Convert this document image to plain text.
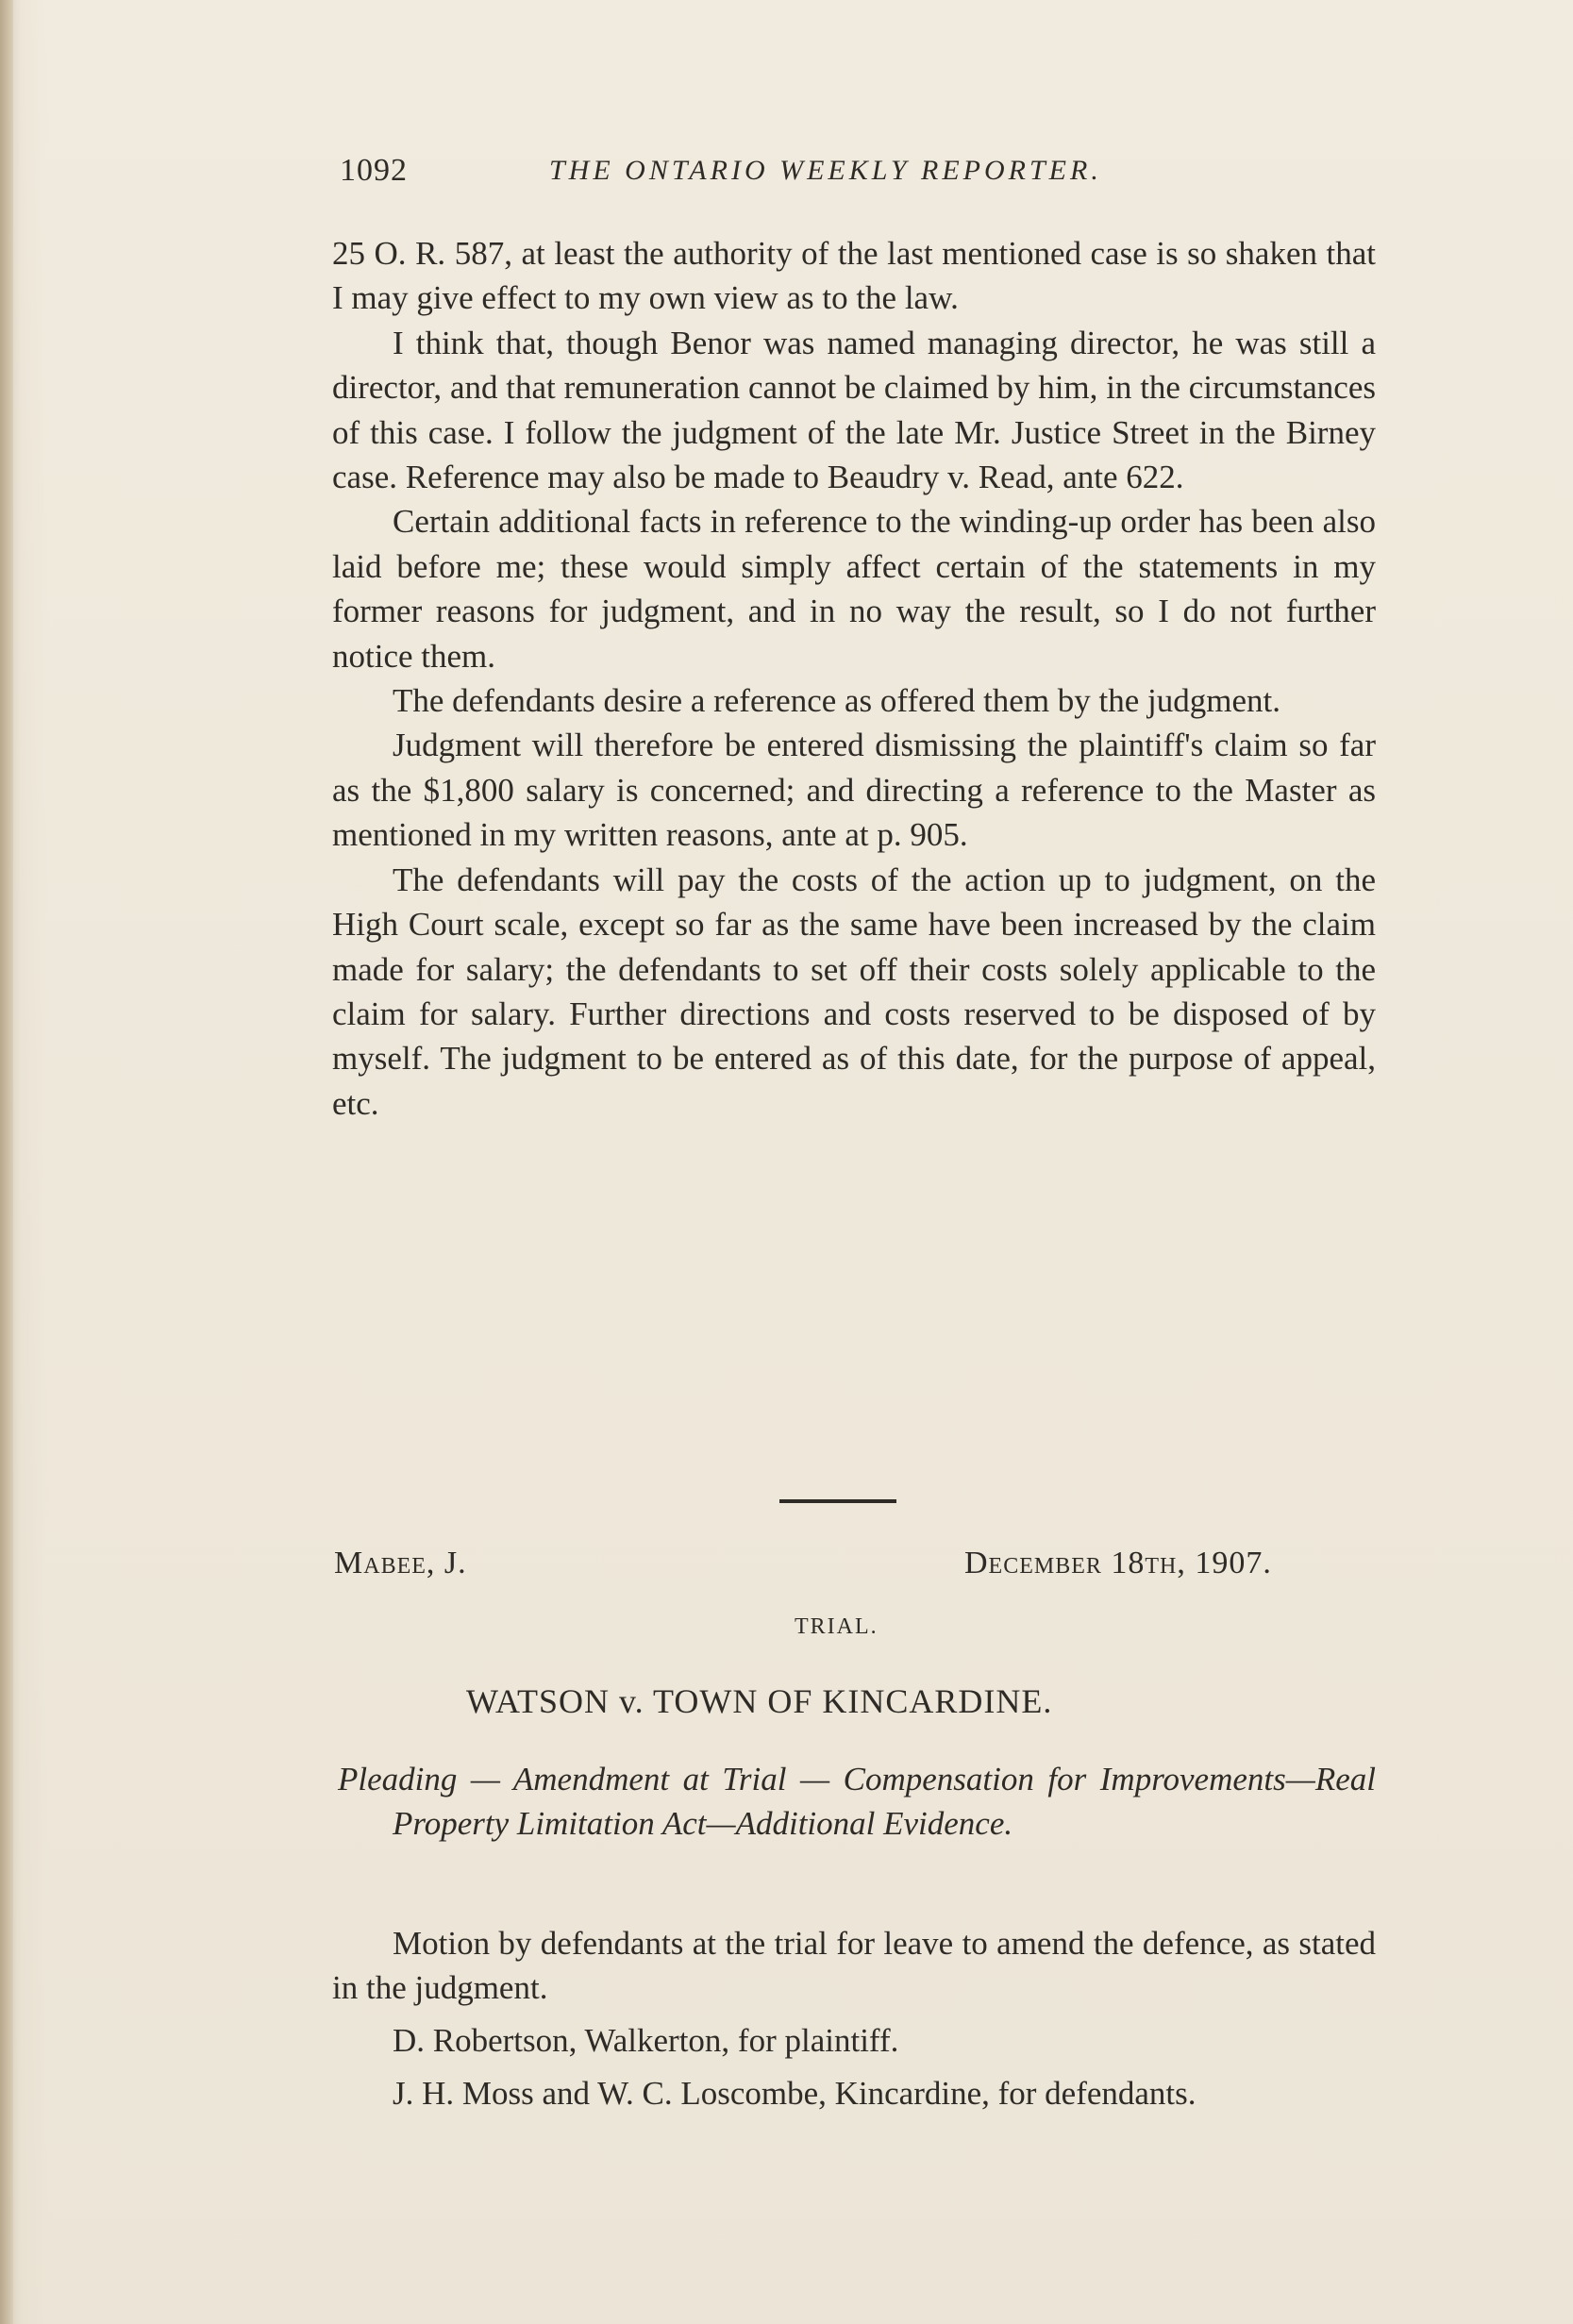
1092	THE ONTARIO WEEKLY REPORTER.

25 O. R. 587, at least the authority of the last mentioned case is so shaken that I may give effect to my own view as to the law.

I think that, though Benor was named managing director, he was still a director, and that remuneration cannot be claimed by him, in the circumstances of this case. I follow the judgment of the late Mr. Justice Street in the Birney case. Reference may also be made to Beaudry v. Read, ante 622.

Certain additional facts in reference to the winding-up order has been also laid before me; these would simply affect certain of the statements in my former reasons for judgment, and in no way the result, so I do not further notice them.

The defendants desire a reference as offered them by the judgment.

Judgment will therefore be entered dismissing the plaintiff's claim so far as the $1,800 salary is concerned; and directing a reference to the Master as mentioned in my written reasons, ante at p. 905.

The defendants will pay the costs of the action up to judgment, on the High Court scale, except so far as the same have been increased by the claim made for salary; the defendants to set off their costs solely applicable to the claim for salary. Further directions and costs reserved to be disposed of by myself. The judgment to be entered as of this date, for the purpose of appeal, etc.

Mabee, J.	December 18th, 1907.
TRIAL.
WATSON v. TOWN OF KINCARDINE.

Pleading — Amendment at Trial — Compensation for Improvements—Real Property Limitation Act—Additional Evidence.

Motion by defendants at the trial for leave to amend the defence, as stated in the judgment.

D. Robertson, Walkerton, for plaintiff.

J. H. Moss and W. C. Loscombe, Kincardine, for defendants.
